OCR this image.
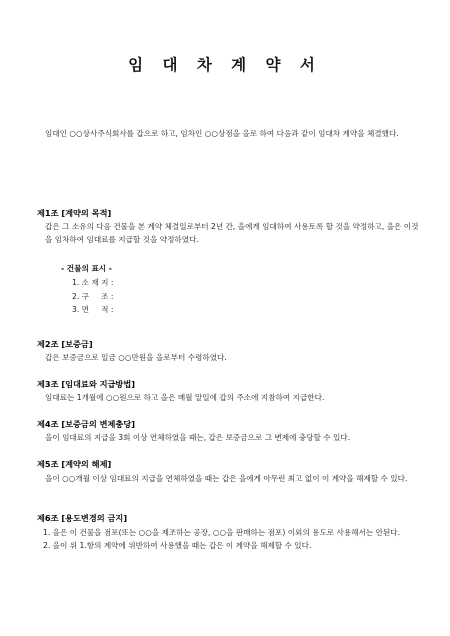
임 대 차 계 약 서

임대인 ○○상사주식회사를 갑으로 하고, 임차인 ○○상점을 을로 하여 다음과 같이 임대차 계약을 체결했다.

제1조 [계약의 목적]

갑은 그 소유의 다음 건물을 본 계약 체결일로부터 2년 간, 을에게 임대하여 사용토록 할 것을 약정하고, 을은 이것을 임차하여 임대료를 지급할 것을 약정하였다.

- 건물의 표시 -
1. 소 재 지 :
2. 구     조 :
3. 면     적 :

제2조 [보증금]

갑은 보증금으로 일금 ○○만원을 을로부터 수령하였다.

제3조 [임대료와 지급방법]

임대료는 1개월에 ○○원으로 하고 을은 매월 말일에 갑의 주소에 지참하여 지급한다.

제4조 [보증금의 변제충당]

을이 임대료의 지급을 3회 이상 연체하였을 때는, 갑은 보증금으로 그 변제에 충당할 수 있다.

제5조 [계약의 해제]

을이 ○○개월 이상 임대료의 지급을 연체하였을 때는 갑은 을에게 아무런 최고 없이 이 계약을 해제할 수 있다.

제6조 [용도변경의 금지]

1. 을은 이 건물을 점포(또는 ○○을 제조하는 공장, ○○을 판매하는 점포) 이외의 용도로 사용해서는 안된다.
2. 을이 위 1.항의 계약에 위반하여 사용했을 때는 갑은 이 계약을 해제할 수 있다.
